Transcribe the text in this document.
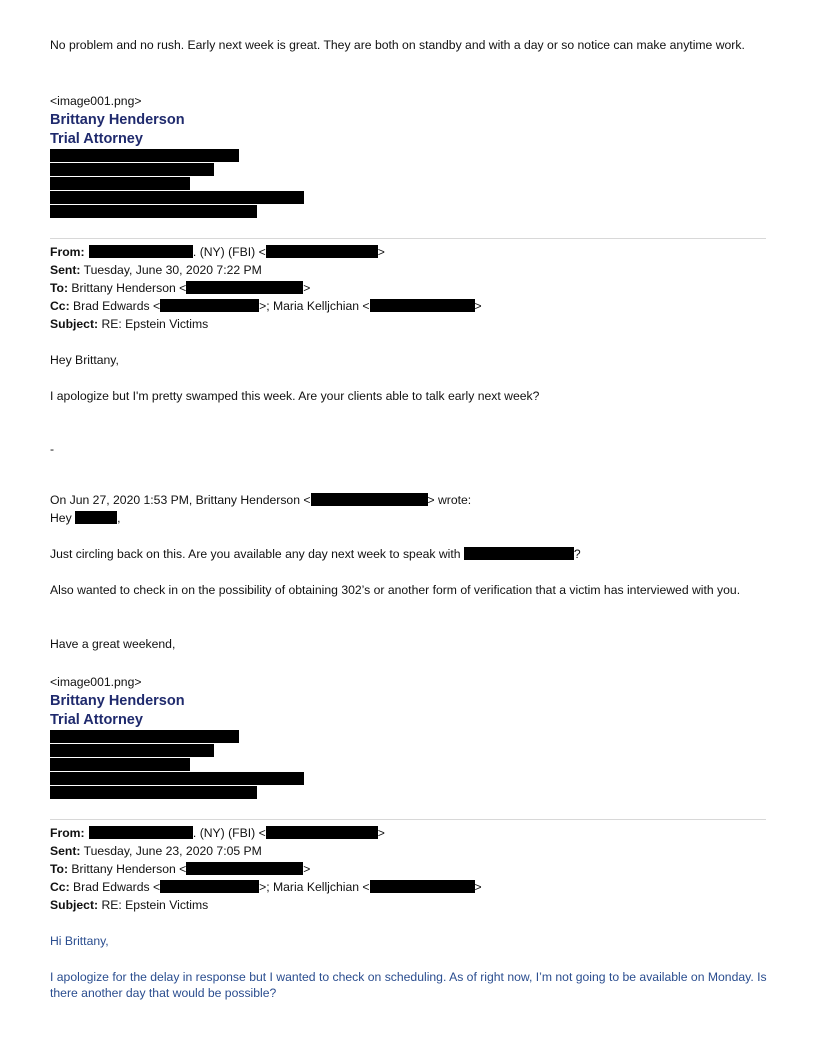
No problem and no rush. Early next week is great. They are both on standby and with a day or so notice can make anytime work.
<image001.png>
Brittany Henderson
Trial Attorney
From:	. (NY) (FBI) <	>
Sent: Tuesday, June 30, 2020 7:22 PM
To: Brittany Henderson <	>
Cc: Brad Edwards <	>; Maria Kelljchian <	>
Subject: RE: Epstein Victims
Hey Brittany,
I apologize but I'm pretty swamped this week. Are your clients able to talk early next week?
-
On Jun 27, 2020 1:53 PM, Brittany Henderson <	> wrote:
Hey	,
Just circling back on this. Are you available any day next week to speak with	?
Also wanted to check in on the possibility of obtaining 302’s or another form of verification that a victim has interviewed with you.
Have a great weekend,
<image001.png>
Brittany Henderson
Trial Attorney
From:	. (NY) (FBI) <	>
Sent: Tuesday, June 23, 2020 7:05 PM
To: Brittany Henderson <	>
Cc: Brad Edwards <	>; Maria Kelljchian <	>
Subject: RE: Epstein Victims
Hi Brittany,
I apologize for the delay in response but I wanted to check on scheduling. As of right now, I’m not going to be available on Monday. Is there another day that would be possible?
